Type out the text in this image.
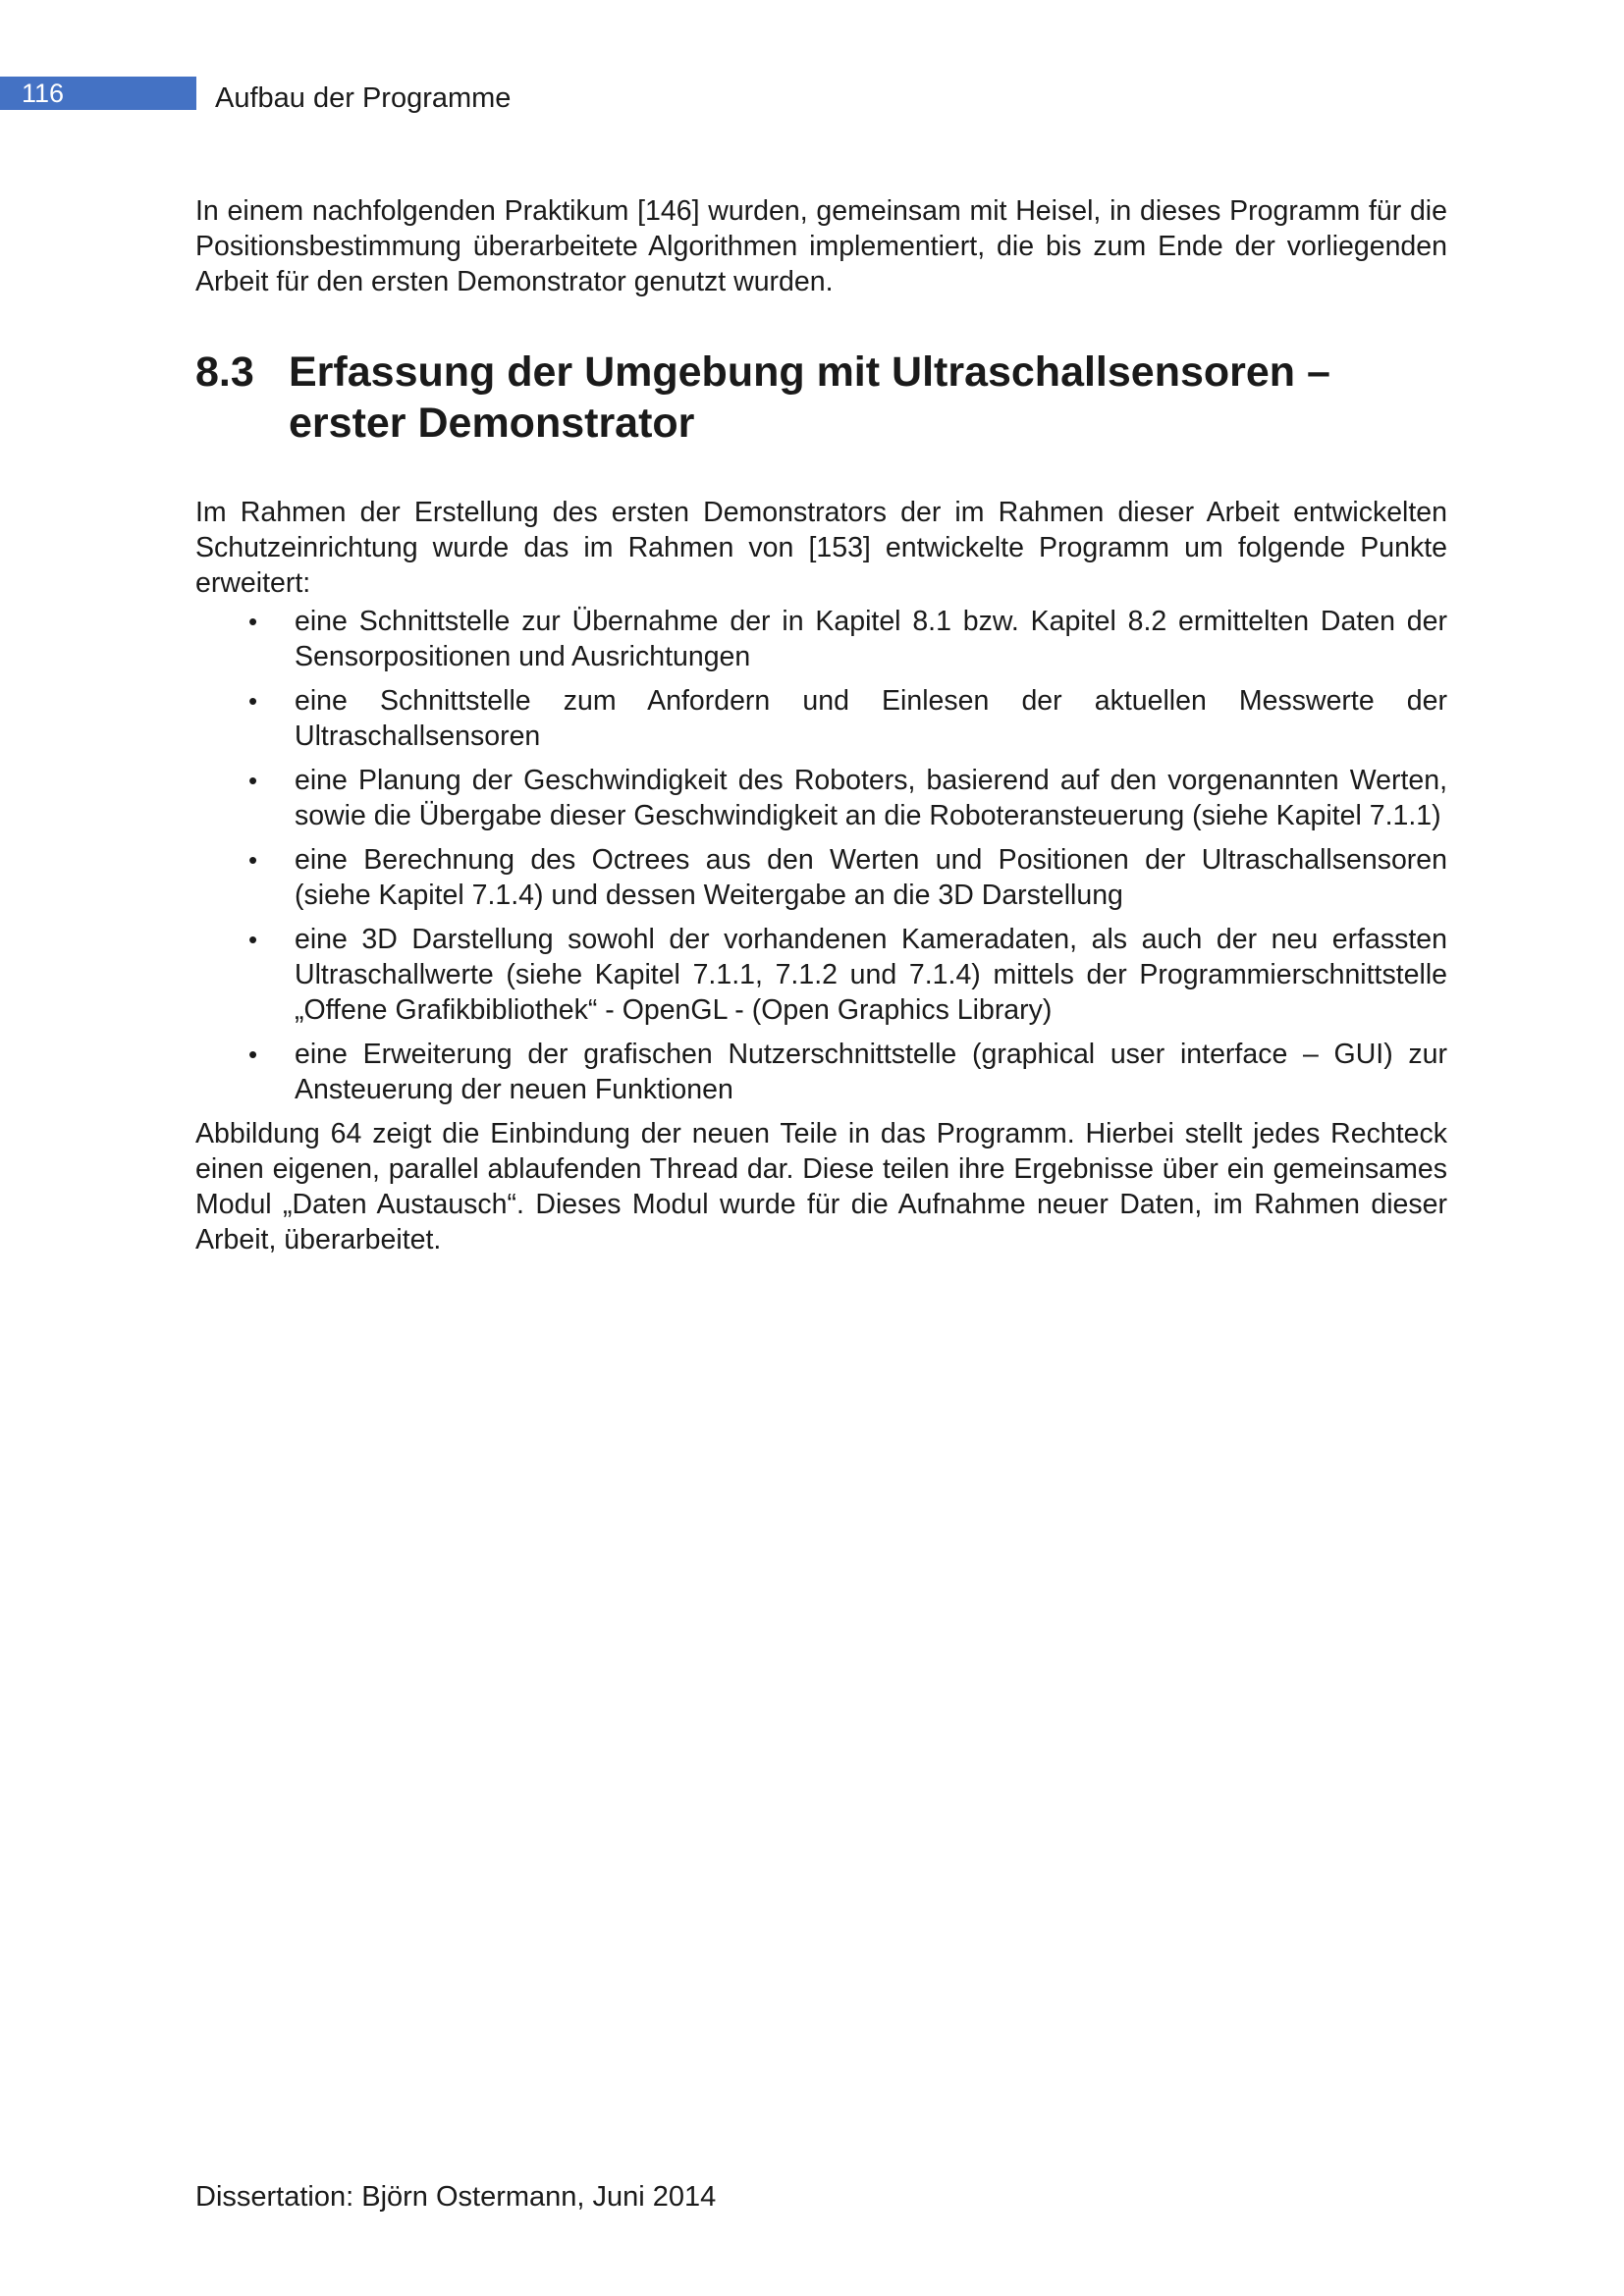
116	Aufbau der Programme

In einem nachfolgenden Praktikum [146] wurden, gemeinsam mit Heisel, in dieses Programm für die Positionsbestimmung überarbeitete Algorithmen implementiert, die bis zum Ende der vorliegenden Arbeit für den ersten Demonstrator genutzt wurden.

8.3 Erfassung der Umgebung mit Ultraschallsensoren – erster Demonstrator

Im Rahmen der Erstellung des ersten Demonstrators der im Rahmen dieser Arbeit entwickelten Schutzeinrichtung wurde das im Rahmen von [153] entwickelte Programm um folgende Punkte erweitert:

• eine Schnittstelle zur Übernahme der in Kapitel 8.1 bzw. Kapitel 8.2 ermittelten Daten der Sensorpositionen und Ausrichtungen
• eine Schnittstelle zum Anfordern und Einlesen der aktuellen Messwerte der Ultraschallsensoren
• eine Planung der Geschwindigkeit des Roboters, basierend auf den vorgenannten Werten, sowie die Übergabe dieser Geschwindigkeit an die Roboteransteuerung (siehe Kapitel 7.1.1)
• eine Berechnung des Octrees aus den Werten und Positionen der Ultraschallsensoren (siehe Kapitel 7.1.4) und dessen Weitergabe an die 3D Darstellung
• eine 3D Darstellung sowohl der vorhandenen Kameradaten, als auch der neu erfassten Ultraschallwerte (siehe Kapitel 7.1.1, 7.1.2 und 7.1.4) mittels der Programmierschnittstelle „Offene Grafikbibliothek“ - OpenGL - (Open Graphics Library)
• eine Erweiterung der grafischen Nutzerschnittstelle (graphical user interface – GUI) zur Ansteuerung der neuen Funktionen

Abbildung 64 zeigt die Einbindung der neuen Teile in das Programm. Hierbei stellt jedes Rechteck einen eigenen, parallel ablaufenden Thread dar. Diese teilen ihre Ergebnisse über ein gemeinsames Modul „Daten Austausch“. Dieses Modul wurde für die Aufnahme neuer Daten, im Rahmen dieser Arbeit, überarbeitet.

Dissertation: Björn Ostermann, Juni 2014
